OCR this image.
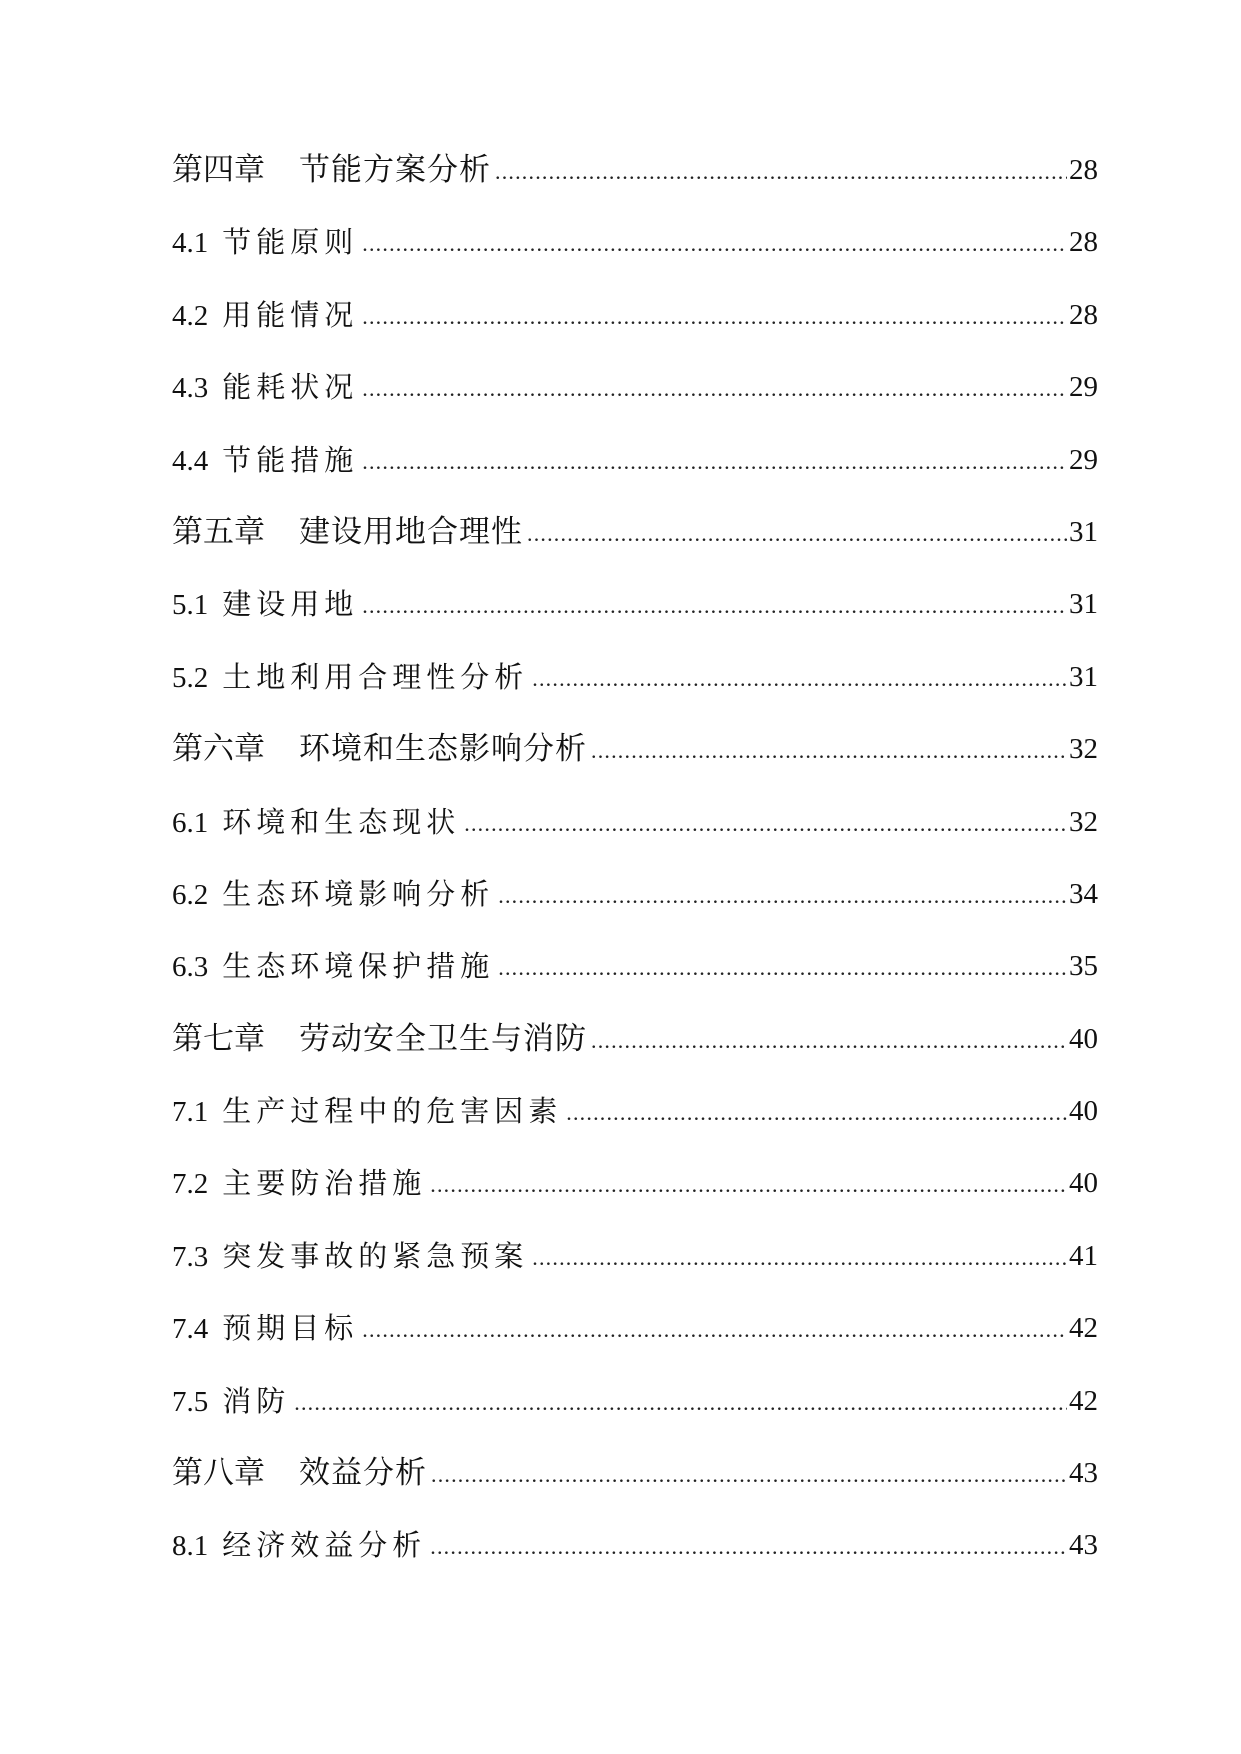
第四章 节能方案分析 .....	28
4.1 节能原则 .....	28
4.2 用能情况 .....	28
4.3 能耗状况 .....	29
4.4 节能措施 .....	29
第五章 建设用地合理性 .....	31
5.1 建设用地 .....	31
5.2 土地利用合理性分析 .....	31
第六章 环境和生态影响分析 .....	32
6.1 环境和生态现状 .....	32
6.2 生态环境影响分析 .....	34
6.3 生态环境保护措施 .....	35
第七章 劳动安全卫生与消防 .....	40
7.1 生产过程中的危害因素 .....	40
7.2 主要防治措施 .....	40
7.3 突发事故的紧急预案 .....	41
7.4 预期目标 .....	42
7.5 消防 .....	42
第八章 效益分析 .....	43
8.1 经济效益分析 .....	43
